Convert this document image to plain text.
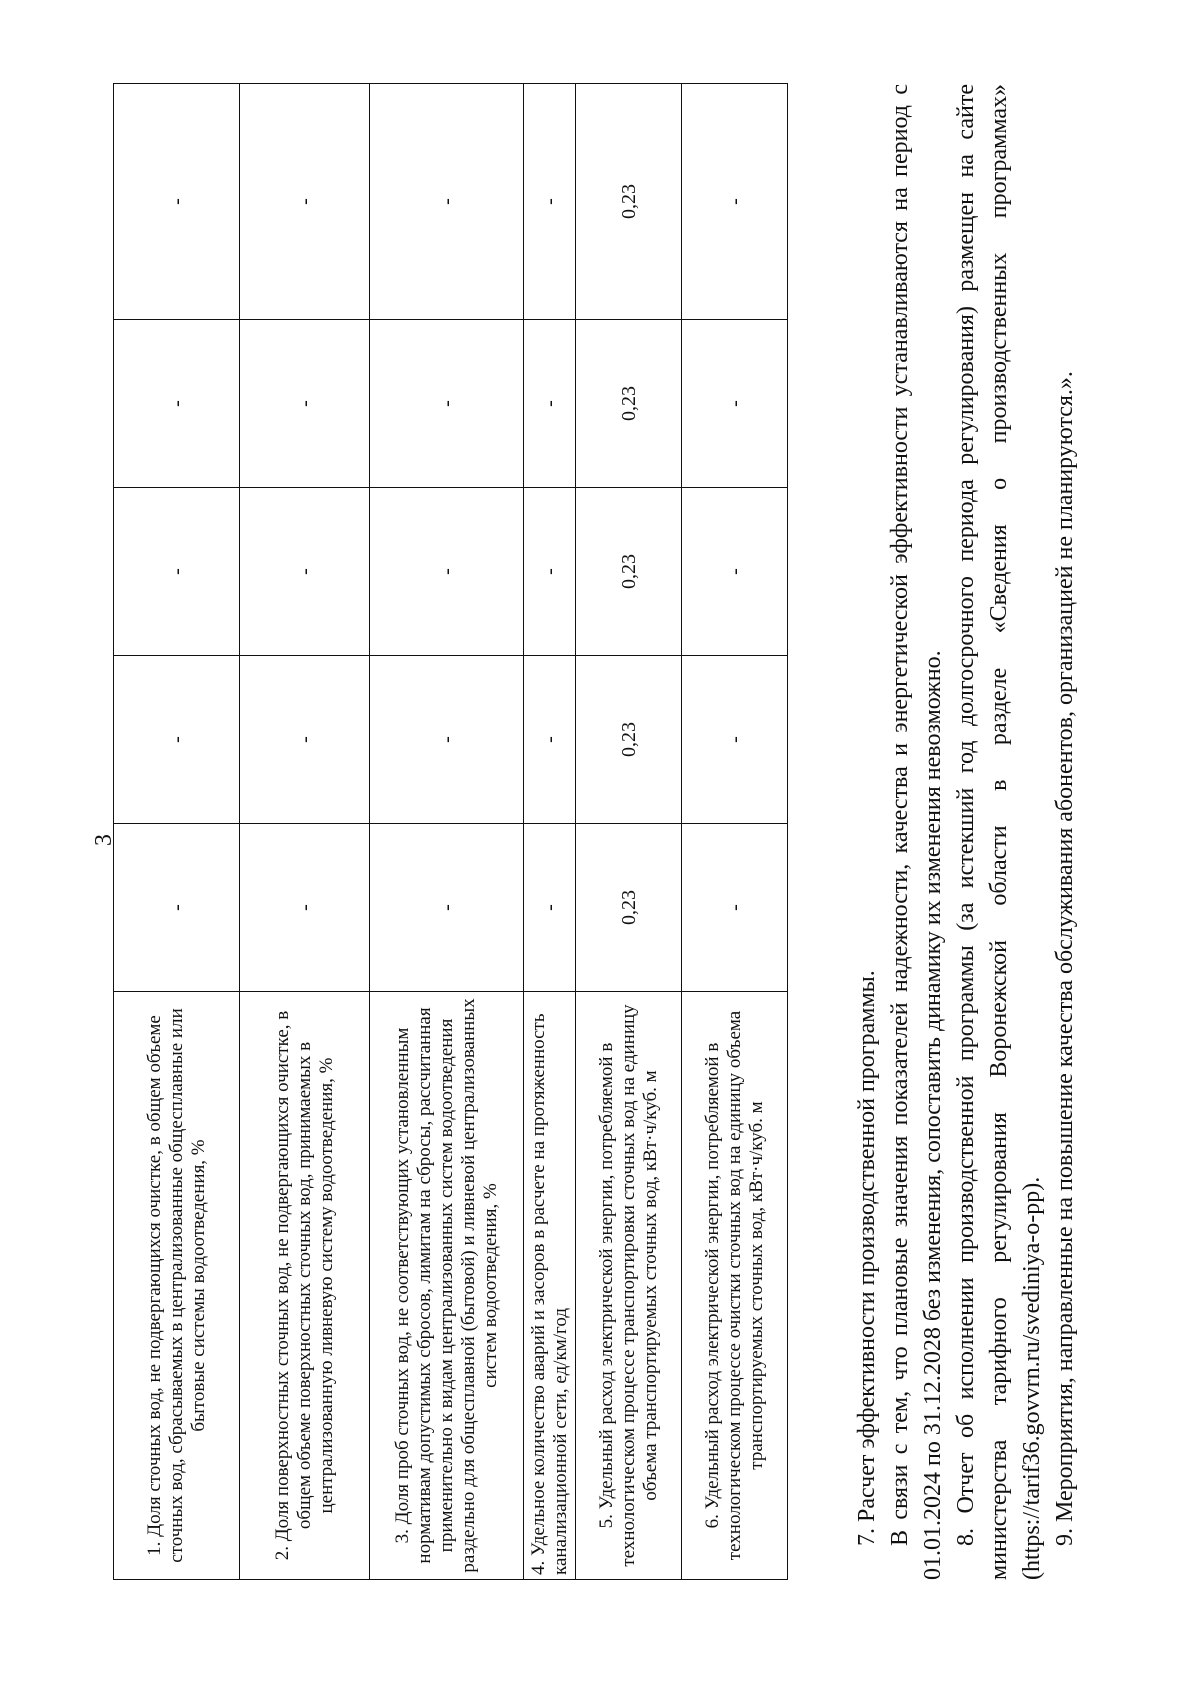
3
1. Доля сточных вод, не подвергающихся очистке, в общем объеме сточных вод, сбрасываемых в централизованные общесплавные или бытовые системы водоотведения, %	-	-	-	-	-
2. Доля поверхностных сточных вод, не подвергающихся очистке, в общем объеме поверхностных сточных вод, принимаемых в централизованную ливневую систему водоотведения, %	-	-	-	-	-
3. Доля проб сточных вод, не соответствующих установленным нормативам допустимых сбросов, лимитам на сбросы, рассчитанная применительно к видам централизованных систем водоотведения раздельно для общесплавной (бытовой) и ливневой централизованных систем водоотведения, %	-	-	-	-	-
4. Удельное количество аварий и засоров в расчете на протяженность канализационной сети, ед/км/год	-	-	-	-	-
5. Удельный расход электрической энергии, потребляемой в технологическом процессе транспортировки сточных вод на единицу объема транспортируемых сточных вод, кВт·ч/куб. м	0,23	0,23	0,23	0,23	0,23
6. Удельный расход электрической энергии, потребляемой в технологическом процессе очистки сточных вод на единицу объема транспортируемых сточных вод, кВт·ч/куб. м	-	-	-	-	-

7. Расчет эффективности производственной программы. В связи с тем, что плановые значения показателей надежности, качества и энергетической эффективности устанавливаются на период с 01.01.2024 по 31.12.2028 без изменения, сопоставить динамику их изменения невозможно. 8. Отчет об исполнении производственной программы (за истекший год долгосрочного периода регулирования) размещен на сайте министерства тарифного регулирования Воронежской области в разделе «Сведения о производственных программах» (https://tarif36.govvrn.ru/svediniya-o-pp). 9. Мероприятия, направленные на повышение качества обслуживания абонентов, организацией не планируются.».
